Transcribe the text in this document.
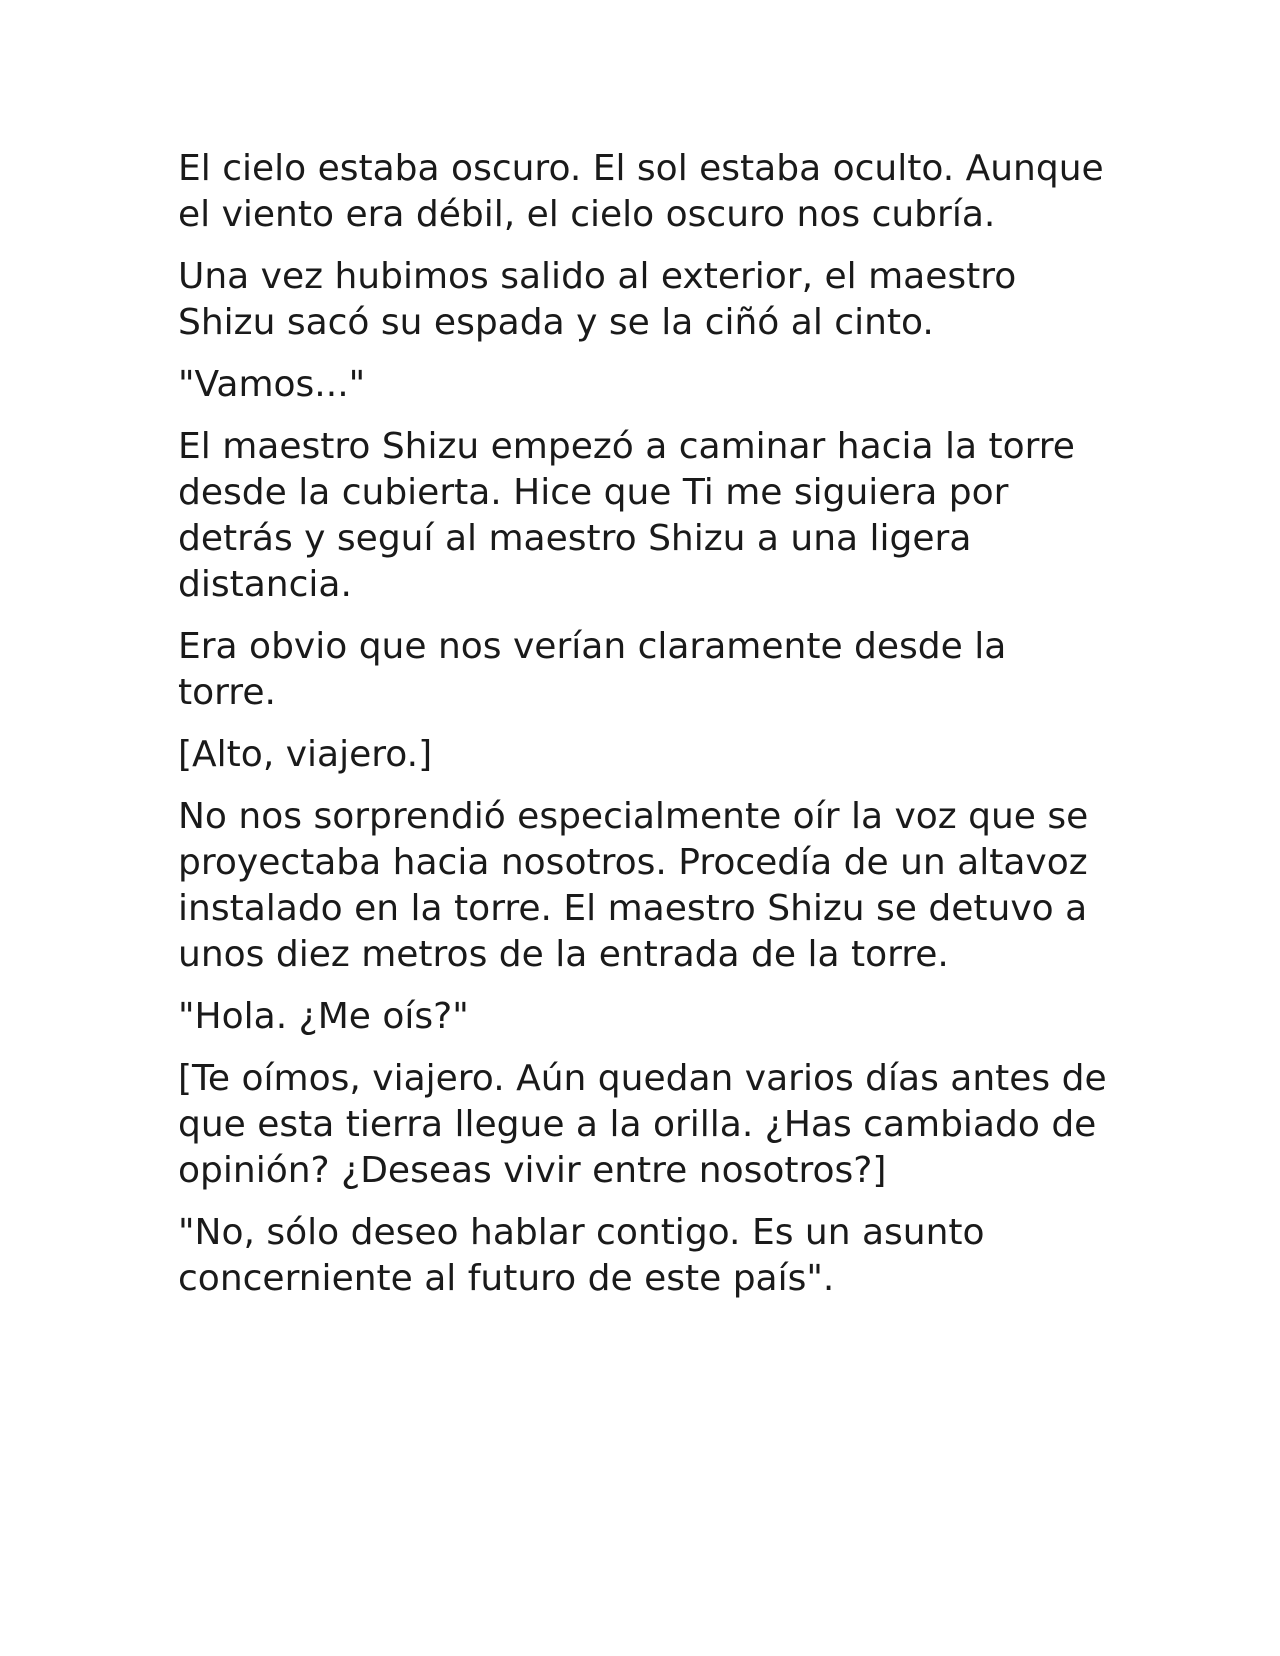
El cielo estaba oscuro. El sol estaba oculto. Aunque el viento era débil, el cielo oscuro nos cubría.

Una vez hubimos salido al exterior, el maestro Shizu sacó su espada y se la ciñó al cinto.

"Vamos..."

El maestro Shizu empezó a caminar hacia la torre desde la cubierta. Hice que Ti me siguiera por detrás y seguí al maestro Shizu a una ligera distancia.

Era obvio que nos verían claramente desde la torre.

[Alto, viajero.]

No nos sorprendió especialmente oír la voz que se proyectaba hacia nosotros. Procedía de un altavoz instalado en la torre. El maestro Shizu se detuvo a unos diez metros de la entrada de la torre.

"Hola. ¿Me oís?"

[Te oímos, viajero. Aún quedan varios días antes de que esta tierra llegue a la orilla. ¿Has cambiado de opinión? ¿Deseas vivir entre nosotros?]

"No, sólo deseo hablar contigo. Es un asunto concerniente al futuro de este país".
